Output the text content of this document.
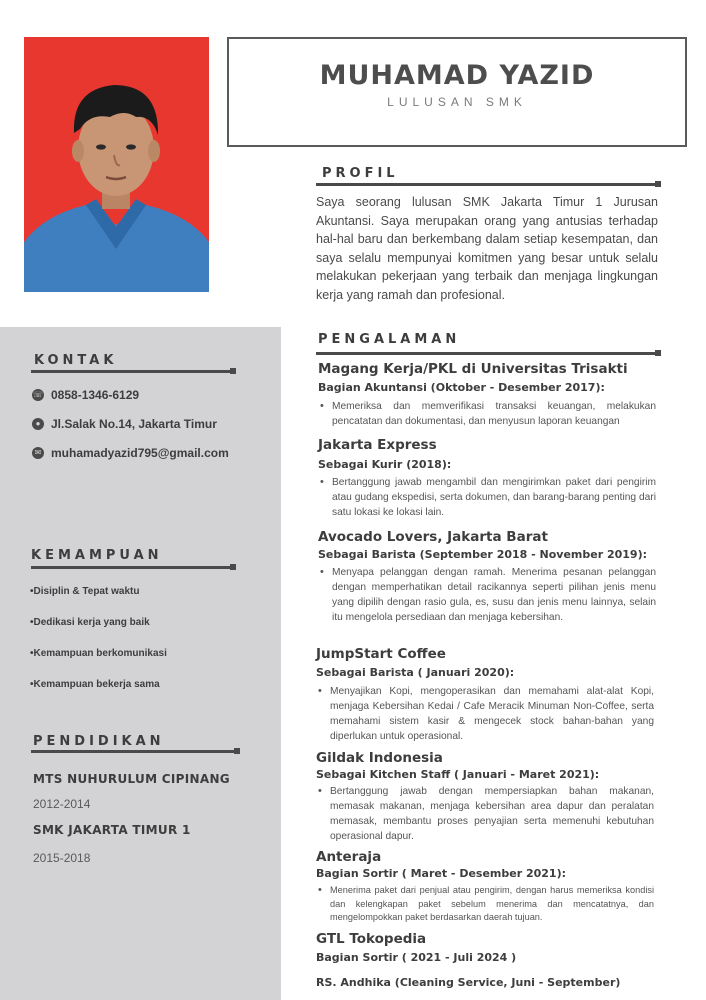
MUHAMAD YAZID
LULUSAN SMK
PROFIL
Saya seorang lulusan SMK Jakarta Timur 1 Jurusan Akuntansi. Saya merupakan orang yang antusias terhadap hal-hal baru dan berkembang dalam setiap kesempatan, dan saya selalu mempunyai komitmen yang besar untuk selalu melakukan pekerjaan yang terbaik dan menjaga lingkungan kerja yang ramah dan profesional.
KONTAK
☏ 0858-1346-6129
● Jl.Salak No.14, Jakarta Timur
✉ muhamadyazid795@gmail.com
KEMAMPUAN
•Disiplin & Tepat waktu
•Dedikasi kerja yang baik
•Kemampuan berkomunikasi
•Kemampuan bekerja sama
PENDIDIKAN
MTS NUHURULUM CIPINANG
2012-2014
SMK JAKARTA TIMUR 1
2015-2018
PENGALAMAN
Magang Kerja/PKL di Universitas Trisakti
Bagian Akuntansi (Oktober - Desember 2017):
• Memeriksa dan memverifikasi transaksi keuangan, melakukan pencatatan dan dokumentasi, dan menyusun laporan keuangan
Jakarta Express
Sebagai Kurir (2018):
• Bertanggung jawab mengambil dan mengirimkan paket dari pengirim atau gudang ekspedisi, serta dokumen, dan barang-barang penting dari satu lokasi ke lokasi lain.
Avocado Lovers, Jakarta Barat
Sebagai Barista (September 2018 - November 2019):
• Menyapa pelanggan dengan ramah. Menerima pesanan pelanggan dengan memperhatikan detail racikannya seperti pilihan jenis menu yang dipilih dengan rasio gula, es, susu dan jenis menu lainnya, selain itu mengelola persediaan dan menjaga kebersihan.
JumpStart Coffee
Sebagai Barista ( Januari 2020):
• Menyajikan Kopi, mengoperasikan dan memahami alat-alat Kopi, menjaga Kebersihan Kedai / Cafe Meracik Minuman Non-Coffee, serta memahami sistem kasir & mengecek stock bahan-bahan yang diperlukan untuk operasional.
Gildak Indonesia
Sebagai Kitchen Staff ( Januari - Maret 2021):
• Bertanggung jawab dengan mempersiapkan bahan makanan, memasak makanan, menjaga kebersihan area dapur dan peralatan memasak, membantu proses penyajian serta memenuhi kebutuhan operasional dapur.
Anteraja
Bagian Sortir ( Maret - Desember 2021):
• Menerima paket dari penjual atau pengirim, dengan harus memeriksa kondisi dan kelengkapan paket sebelum menerima dan mencatatnya, dan mengelompokkan paket berdasarkan daerah tujuan.
GTL Tokopedia
Bagian Sortir ( 2021 - Juli 2024 )
RS. Andhika (Cleaning Service, Juni - September)
